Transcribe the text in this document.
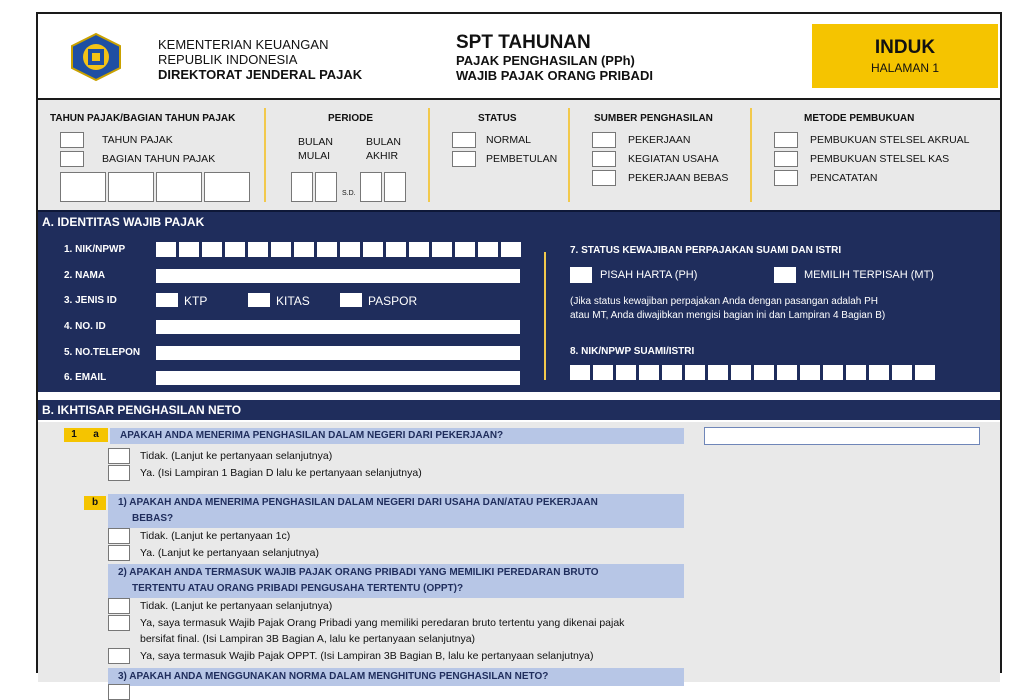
KEMENTERIAN KEUANGAN
REPUBLIK INDONESIA
DIREKTORAT JENDERAL PAJAK
SPT TAHUNAN
PAJAK PENGHASILAN (PPh)
WAJIB PAJAK ORANG PRIBADI
INDUK
HALAMAN 1
TAHUN PAJAK/BAGIAN TAHUN PAJAK
TAHUN PAJAK
BAGIAN TAHUN PAJAK
PERIODE
BULAN
MULAI
BULAN
AKHIR
S.D.
STATUS
NORMAL
PEMBETULAN
SUMBER PENGHASILAN
PEKERJAAN
KEGIATAN USAHA
PEKERJAAN BEBAS
METODE PEMBUKUAN
PEMBUKUAN STELSEL AKRUAL
PEMBUKUAN STELSEL KAS
PENCATATAN
A. IDENTITAS WAJIB PAJAK
1. NIK/NPWP
2. NAMA
3. JENIS ID	KTP	KITAS	PASPOR
4. NO. ID
5. NO.TELEPON
6. EMAIL
7. STATUS KEWAJIBAN PERPAJAKAN SUAMI DAN ISTRI
PISAH HARTA (PH)	MEMILIH TERPISAH (MT)
(Jika status kewajiban perpajakan Anda dengan pasangan adalah PH
atau MT, Anda diwajibkan mengisi bagian ini dan Lampiran 4 Bagian B)
8. NIK/NPWP SUAMI/ISTRI
B. IKHTISAR PENGHASILAN NETO
1	a	APAKAH ANDA MENERIMA PENGHASILAN DALAM NEGERI DARI PEKERJAAN?
Tidak. (Lanjut ke pertanyaan selanjutnya)
Ya. (Isi Lampiran 1 Bagian D lalu ke pertanyaan selanjutnya)
b	1) APAKAH ANDA MENERIMA PENGHASILAN DALAM NEGERI DARI USAHA DAN/ATAU PEKERJAAN
BEBAS?
Tidak. (Lanjut ke pertanyaan 1c)
Ya. (Lanjut ke pertanyaan selanjutnya)
2) APAKAH ANDA TERMASUK WAJIB PAJAK ORANG PRIBADI YANG MEMILIKI PEREDARAN BRUTO
TERTENTU ATAU ORANG PRIBADI PENGUSAHA TERTENTU (OPPT)?
Tidak. (Lanjut ke pertanyaan selanjutnya)
Ya, saya termasuk Wajib Pajak Orang Pribadi yang memiliki peredaran bruto tertentu yang dikenai pajak
bersifat final. (Isi Lampiran 3B Bagian A, lalu ke pertanyaan selanjutnya)
Ya, saya termasuk Wajib Pajak OPPT. (Isi Lampiran 3B Bagian B, lalu ke pertanyaan selanjutnya)
3) APAKAH ANDA MENGGUNAKAN NORMA DALAM MENGHITUNG PENGHASILAN NETO?
